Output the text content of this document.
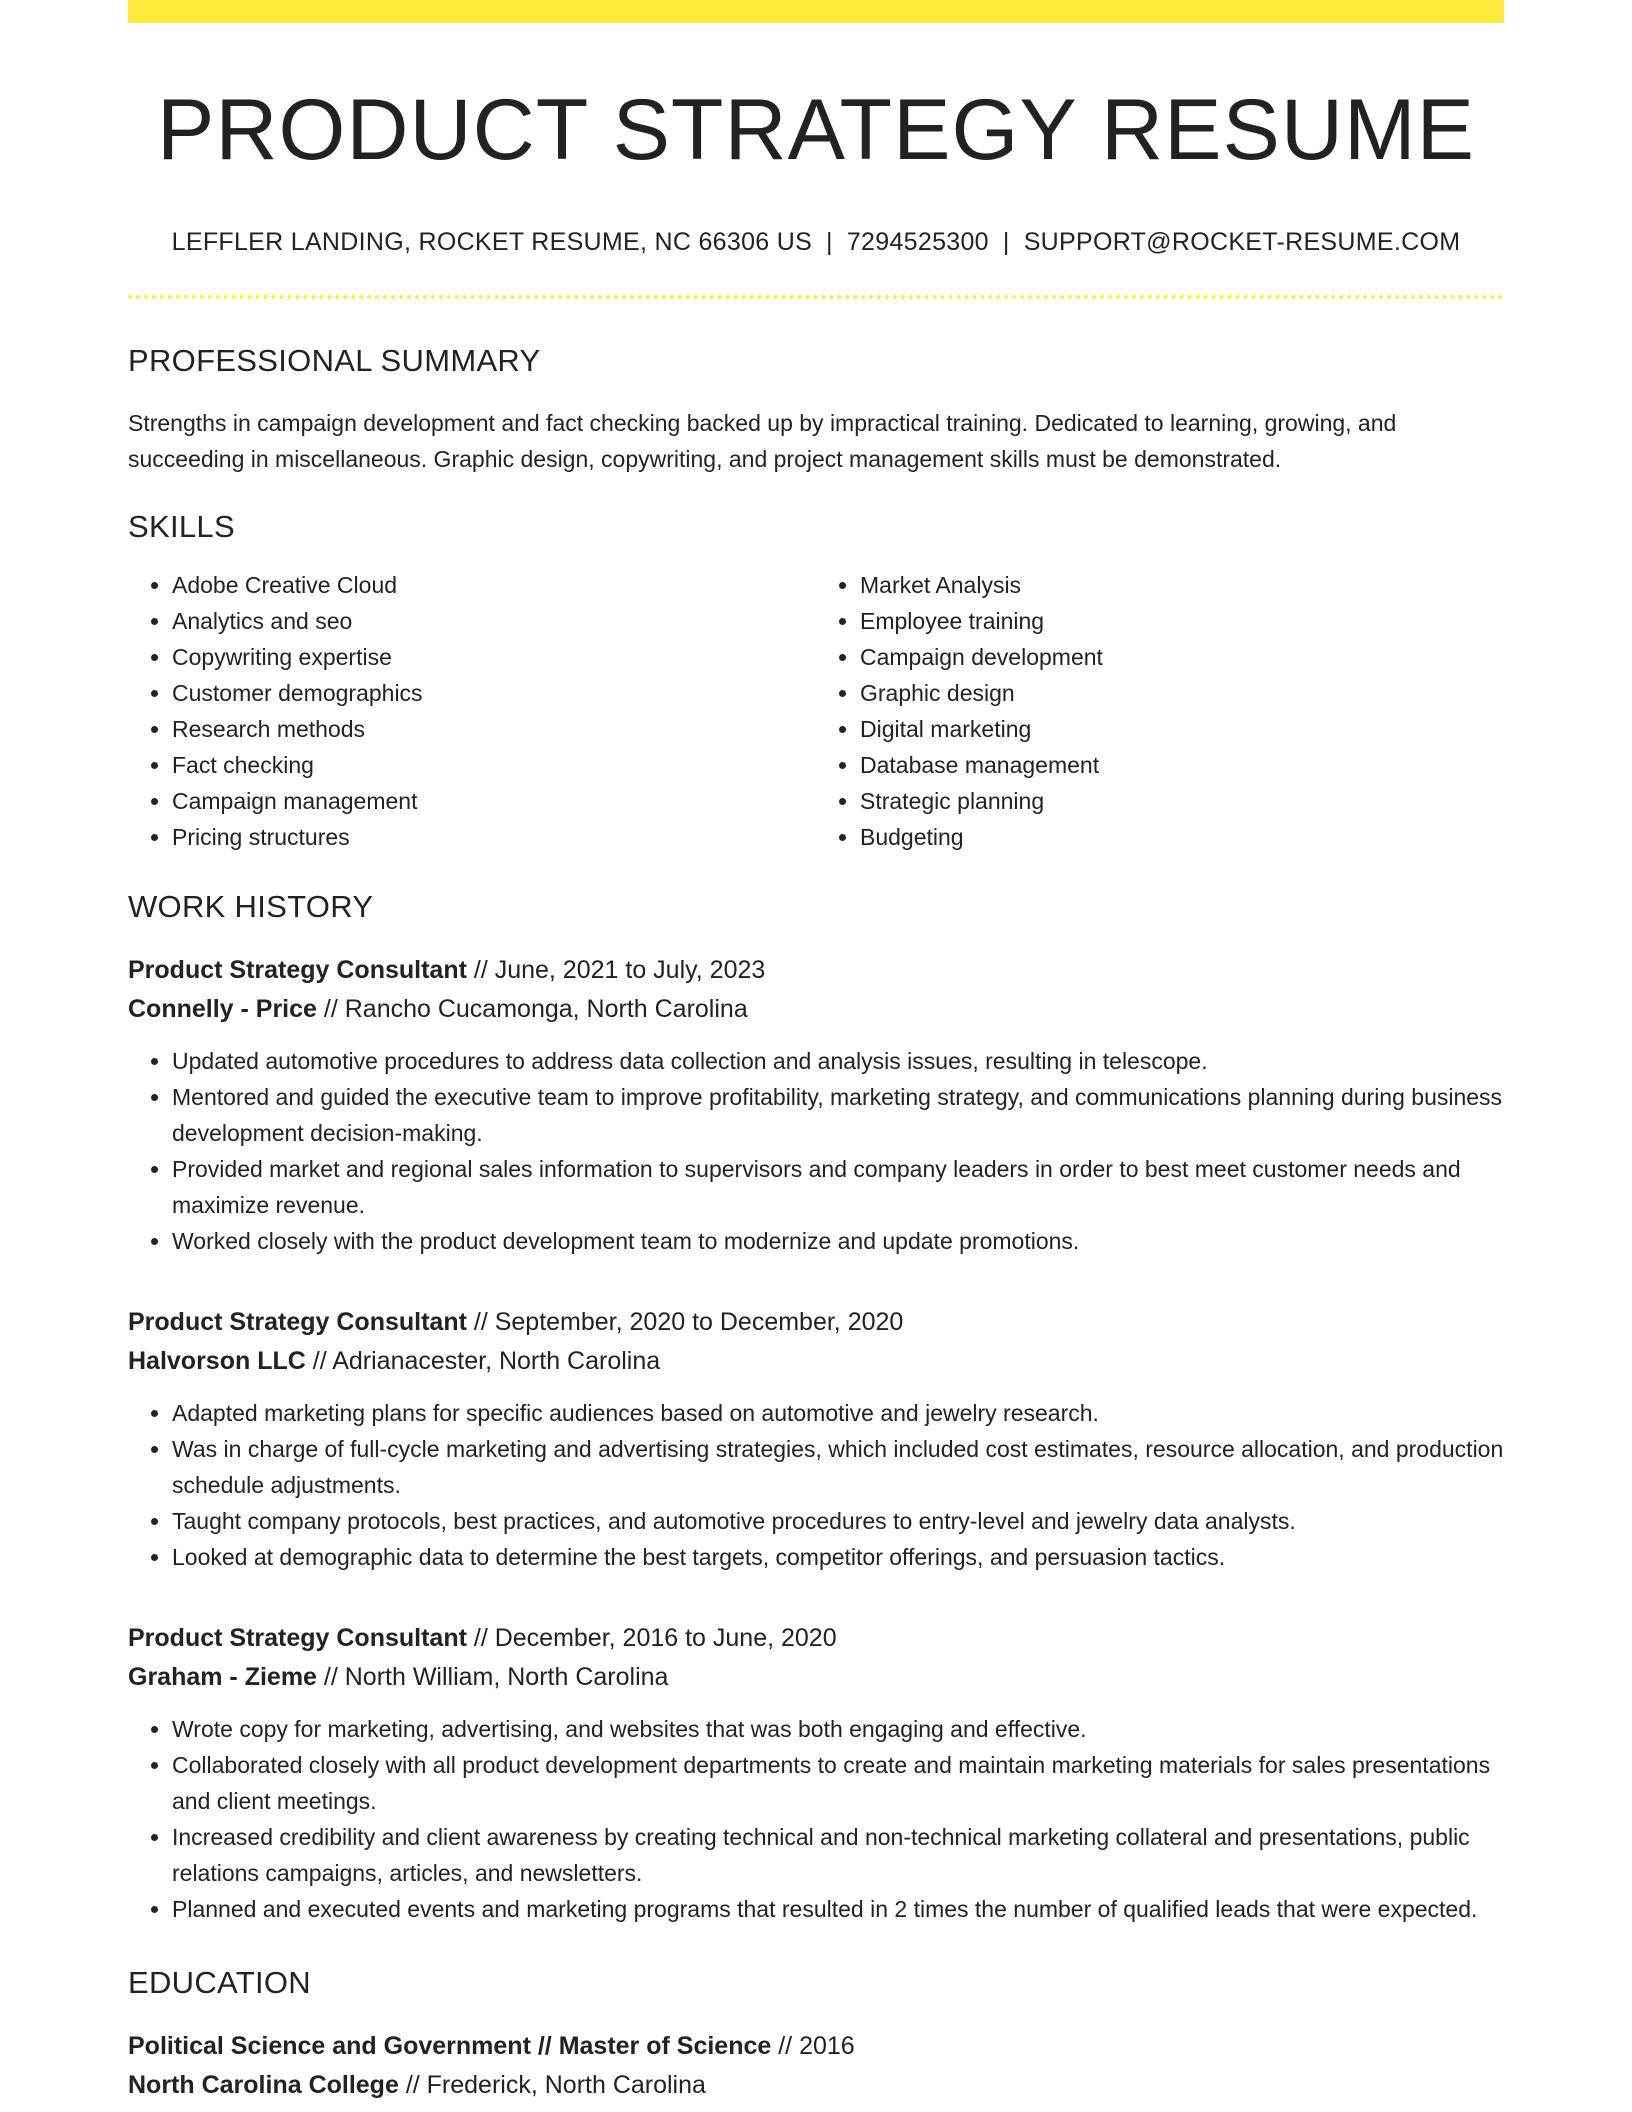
PRODUCT STRATEGY RESUME
LEFFLER LANDING, ROCKET RESUME, NC 66306 US | 7294525300 | SUPPORT@ROCKET-RESUME.COM
PROFESSIONAL SUMMARY
Strengths in campaign development and fact checking backed up by impractical training. Dedicated to learning, growing, and succeeding in miscellaneous. Graphic design, copywriting, and project management skills must be demonstrated.
SKILLS
• Adobe Creative Cloud
• Analytics and seo
• Copywriting expertise
• Customer demographics
• Research methods
• Fact checking
• Campaign management
• Pricing structures
• Market Analysis
• Employee training
• Campaign development
• Graphic design
• Digital marketing
• Database management
• Strategic planning
• Budgeting
WORK HISTORY
Product Strategy Consultant // June, 2021 to July, 2023
Connelly - Price // Rancho Cucamonga, North Carolina
• Updated automotive procedures to address data collection and analysis issues, resulting in telescope.
• Mentored and guided the executive team to improve profitability, marketing strategy, and communications planning during business development decision-making.
• Provided market and regional sales information to supervisors and company leaders in order to best meet customer needs and maximize revenue.
• Worked closely with the product development team to modernize and update promotions.
Product Strategy Consultant // September, 2020 to December, 2020
Halvorson LLC // Adrianacester, North Carolina
• Adapted marketing plans for specific audiences based on automotive and jewelry research.
• Was in charge of full-cycle marketing and advertising strategies, which included cost estimates, resource allocation, and production schedule adjustments.
• Taught company protocols, best practices, and automotive procedures to entry-level and jewelry data analysts.
• Looked at demographic data to determine the best targets, competitor offerings, and persuasion tactics.
Product Strategy Consultant // December, 2016 to June, 2020
Graham - Zieme // North William, North Carolina
• Wrote copy for marketing, advertising, and websites that was both engaging and effective.
• Collaborated closely with all product development departments to create and maintain marketing materials for sales presentations and client meetings.
• Increased credibility and client awareness by creating technical and non-technical marketing collateral and presentations, public relations campaigns, articles, and newsletters.
• Planned and executed events and marketing programs that resulted in 2 times the number of qualified leads that were expected.
EDUCATION
Political Science and Government // Master of Science // 2016
North Carolina College // Frederick, North Carolina
